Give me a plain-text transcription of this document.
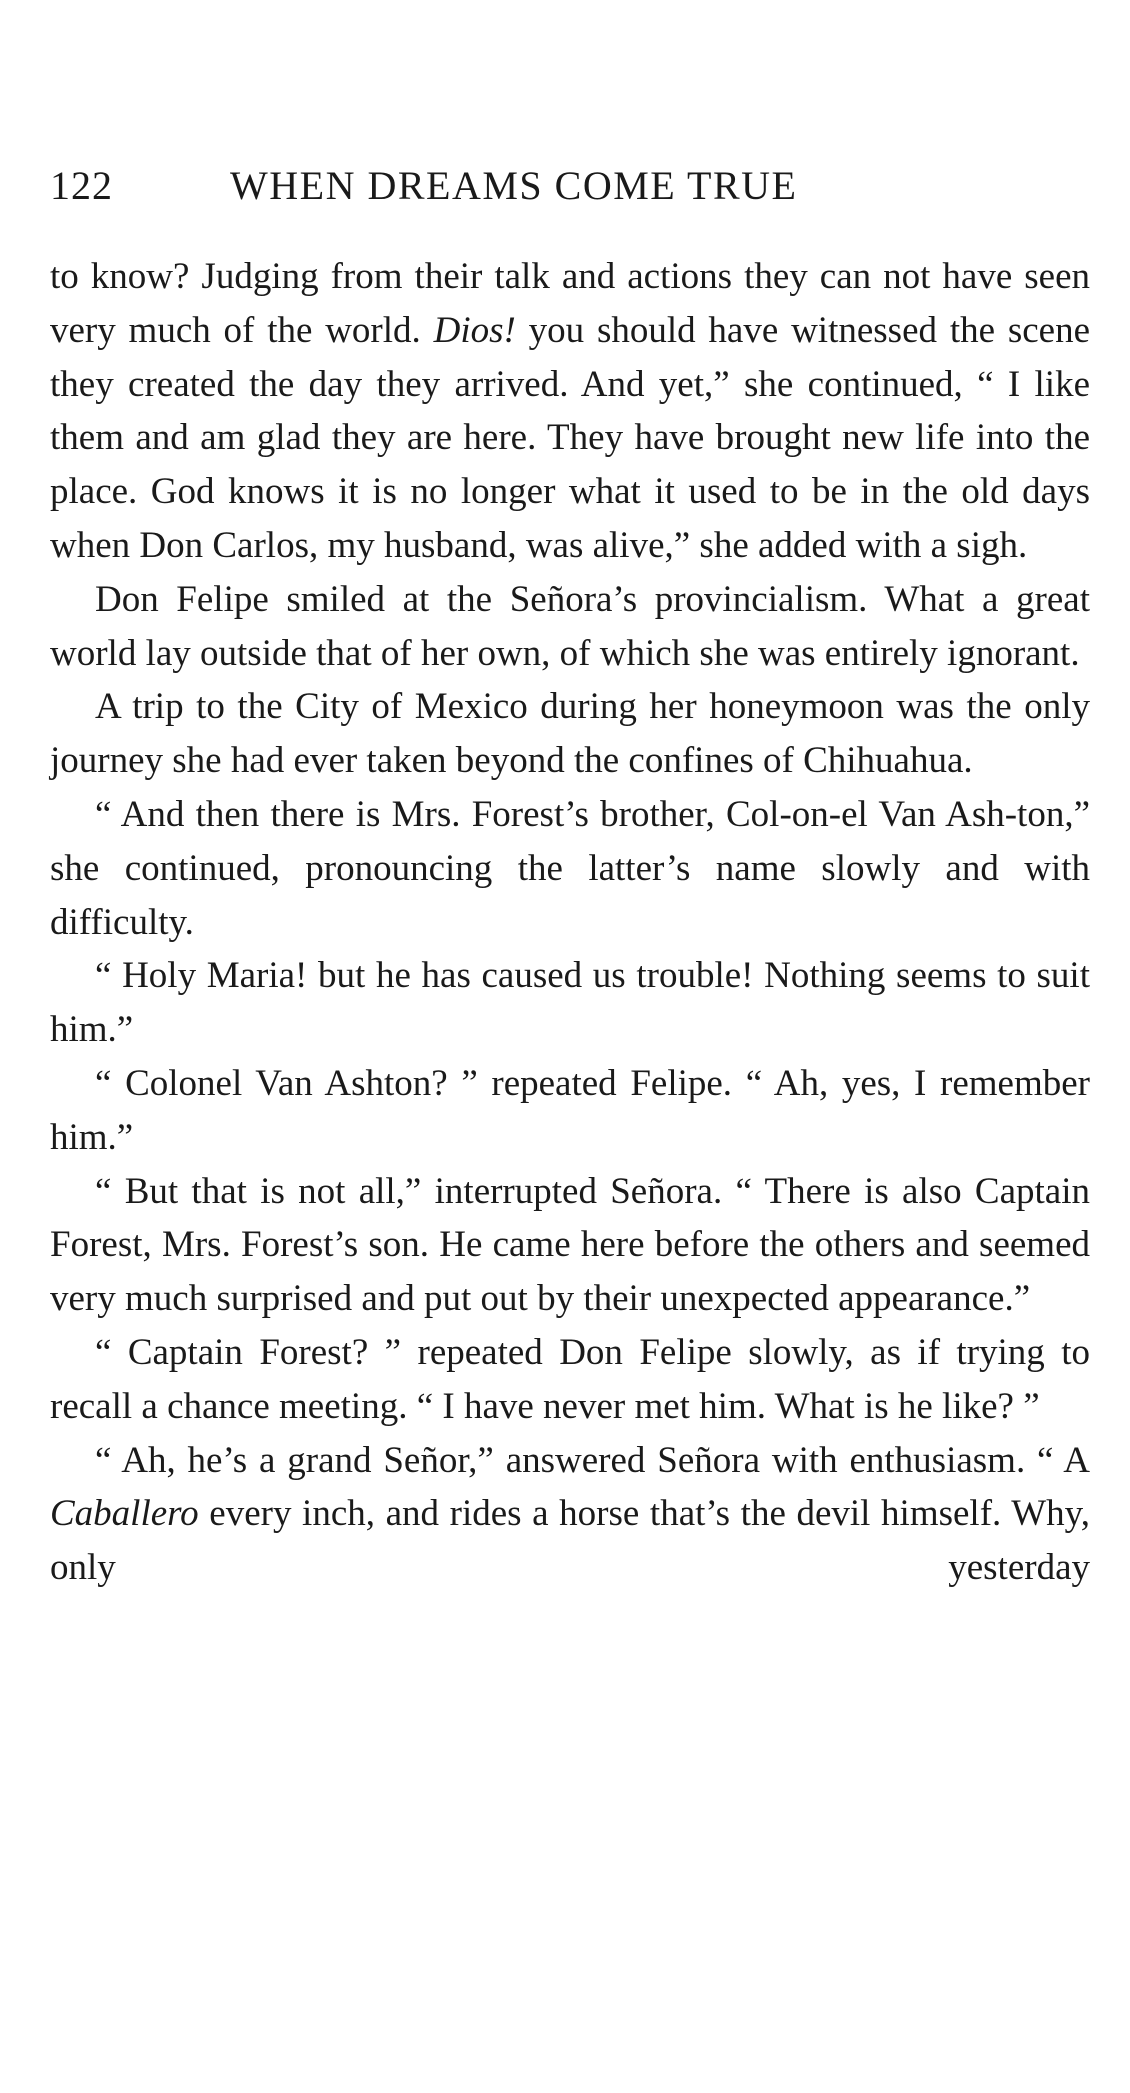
122	WHEN DREAMS COME TRUE

to know? Judging from their talk and actions they can not have seen very much of the world. Dios! you should have witnessed the scene they created the day they arrived. And yet,” she continued, “ I like them and am glad they are here. They have brought new life into the place. God knows it is no longer what it used to be in the old days when Don Carlos, my husband, was alive,” she added with a sigh.

Don Felipe smiled at the Señora’s provincialism. What a great world lay outside that of her own, of which she was entirely ignorant.

A trip to the City of Mexico during her honeymoon was the only journey she had ever taken beyond the confines of Chihuahua.

“ And then there is Mrs. Forest’s brother, Col-on-el Van Ash-ton,” she continued, pronouncing the latter’s name slowly and with difficulty.

“ Holy Maria! but he has caused us trouble! Nothing seems to suit him.”

“ Colonel Van Ashton? ” repeated Felipe. “ Ah, yes, I remember him.”

“ But that is not all,” interrupted Señora. “ There is also Captain Forest, Mrs. Forest’s son. He came here before the others and seemed very much surprised and put out by their unexpected appearance.”

“ Captain Forest? ” repeated Don Felipe slowly, as if trying to recall a chance meeting. “ I have never met him. What is he like? ”

“ Ah, he’s a grand Señor,” answered Señora with enthusiasm. “ A Caballero every inch, and rides a horse that’s the devil himself. Why, only yesterday
